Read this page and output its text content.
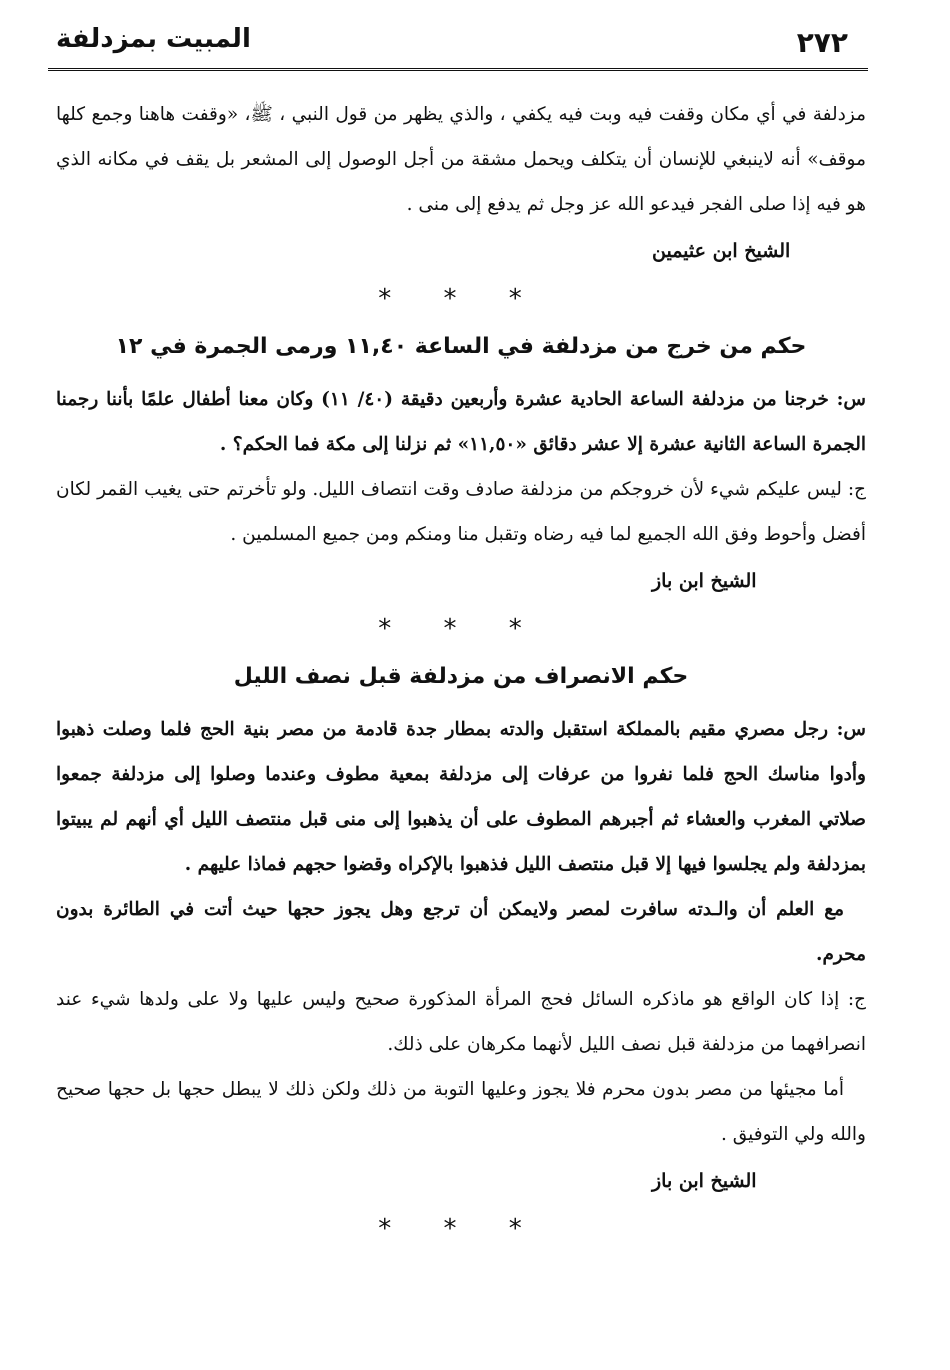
٢٧٢
المبيت بمزدلفة

مزدلفة في أي مكان وقفت فيه وبت فيه يكفي ، والذي يظهر من قول النبي ، ﷺ، «وقفت هاهنا وجمع كلها موقف» أنه لاينبغي للإنسان أن يتكلف ويحمل مشقة من أجل الوصول إلى المشعر بل يقف في مكانه الذي هو فيه إذا صلى الفجر فيدعو الله عز وجل ثم يدفع إلى منى .

الشيخ ابن عثيمين
* * *
حكم من خرج من مزدلفة في الساعة ١١,٤٠ ورمى الجمرة في ١٢

س: خرجنا من مزدلفة الساعة الحادية عشرة وأربعين دقيقة (٤٠/ ١١) وكان معنا أطفال علمًا بأننا رجمنا الجمرة الساعة الثانية عشرة إلا عشر دقائق «١١,٥٠» ثم نزلنا إلى مكة فما الحكم؟ .

ج: ليس عليكم شيء لأن خروجكم من مزدلفة صادف وقت انتصاف الليل. ولو تأخرتم حتى يغيب القمر لكان أفضل وأحوط وفق الله الجميع لما فيه رضاه وتقبل منا ومنكم ومن جميع المسلمين .

الشيخ ابن باز
* * *
حكم الانصراف من مزدلفة قبل نصف الليل

س: رجل مصري مقيم بالمملكة استقبل والدته بمطار جدة قادمة من مصر بنية الحج فلما وصلت ذهبوا وأدوا مناسك الحج فلما نفروا من عرفات إلى مزدلفة بمعية مطوف وعندما وصلوا إلى مزدلفة جمعوا صلاتي المغرب والعشاء ثم أجبرهم المطوف على أن يذهبوا إلى منى قبل منتصف الليل أي أنهم لم يبيتوا بمزدلفة ولم يجلسوا فيها إلا قبل منتصف الليل فذهبوا بالإكراه وقضوا حجهم فماذا عليهم .

مع العلم أن والـدته سافرت لمصر ولايمكن أن ترجع وهل يجوز حجها حيث أتت في الطائرة بدون محرم.

ج: إذا كان الواقع هو ماذكره السائل فحج المرأة المذكورة صحيح وليس عليها ولا على ولدها شيء عند انصرافهما من مزدلفة قبل نصف الليل لأنهما مكرهان على ذلك.

أما مجيئها من مصر بدون محرم فلا يجوز وعليها التوبة من ذلك ولكن ذلك لا يبطل حجها بل حجها صحيح والله ولي التوفيق .

الشيخ ابن باز
* * *
